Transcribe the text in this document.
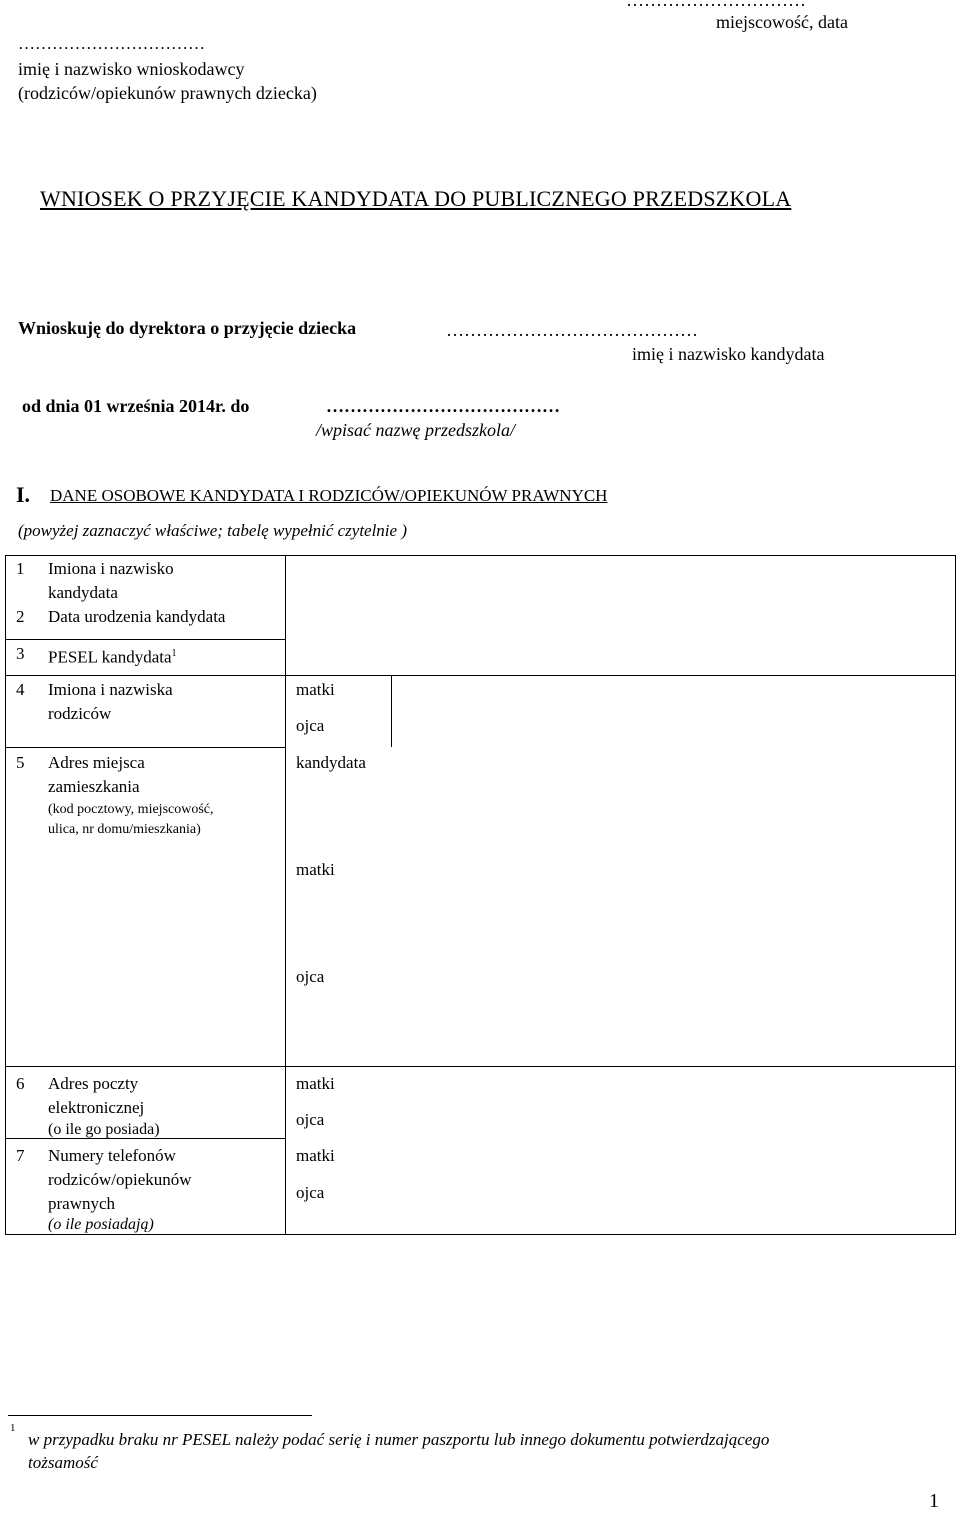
…………………………
miejscowość, data
……………………………
imię i nazwisko wnioskodawcy
(rodziców/opiekunów prawnych dziecka)
WNIOSEK O PRZYJĘCIE KANDYDATA DO PUBLICZNEGO PRZEDSZKOLA
Wnioskuję do dyrektora o przyjęcie dziecka	……………………………………
imię i nazwisko kandydata
od dnia 01 września 2014r. do	…………………………………
/wpisać nazwę przedszkola/
I. DANE OSOBOWE KANDYDATA I RODZICÓW/OPIEKUNÓW PRAWNYCH
(powyżej zaznaczyć właściwe; tabelę wypełnić czytelnie )
1 Imiona i nazwisko
kandydata
2 Data urodzenia kandydata
3 PESEL kandydata$^1$
4 Imiona i nazwiska
rodziców
matki
ojca
5 Adres miejsca
zamieszkania
(kod pocztowy, miejscowość,
ulica, nr domu/mieszkania)
kandydata
matki
ojca
6 Adres poczty
elektronicznej
(o ile go posiada)
matki
ojca
7 Numery telefonów
rodziców/opiekunów
prawnych
(o ile posiadają)
matki
ojca
1
w przypadku braku nr PESEL należy podać serię i numer paszportu lub innego dokumentu potwierdzającego
tożsamość
1
